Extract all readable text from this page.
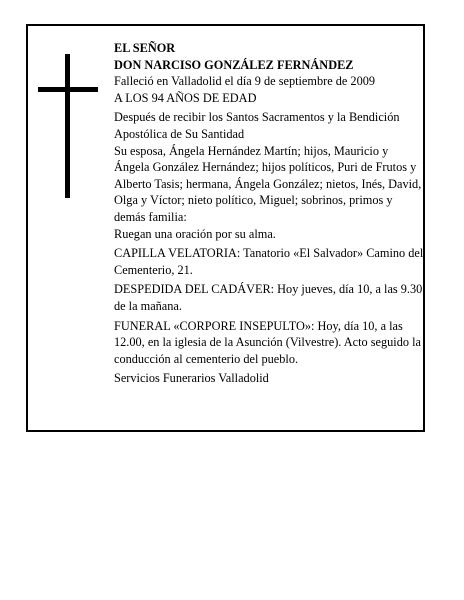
EL SEÑOR

DON NARCISO GONZÁLEZ FERNÁNDEZ

Falleció en Valladolid el día 9 de septiembre de 2009

A LOS 94 AÑOS DE EDAD

Después de recibir los Santos Sacramentos y la Bendición Apostólica de Su Santidad

Su esposa, Ángela Hernández Martín; hijos, Mauricio y Ángela González Hernández; hijos políticos, Puri de Frutos y Alberto Tasis; hermana, Ángela González; nietos, Inés, David, Olga y Víctor; nieto político, Miguel; sobrinos, primos y demás familia:

Ruegan una oración por su alma.

CAPILLA VELATORIA: Tanatorio «El Salvador» Camino del Cementerio, 21.

DESPEDIDA DEL CADÁVER: Hoy jueves, día 10, a las 9.30 de la mañana.

FUNERAL «CORPORE INSEPULTO»: Hoy, día 10, a las 12.00, en la iglesia de la Asunción (Vilvestre). Acto seguido la conducción al cementerio del pueblo.

Servicios Funerarios Valladolid
